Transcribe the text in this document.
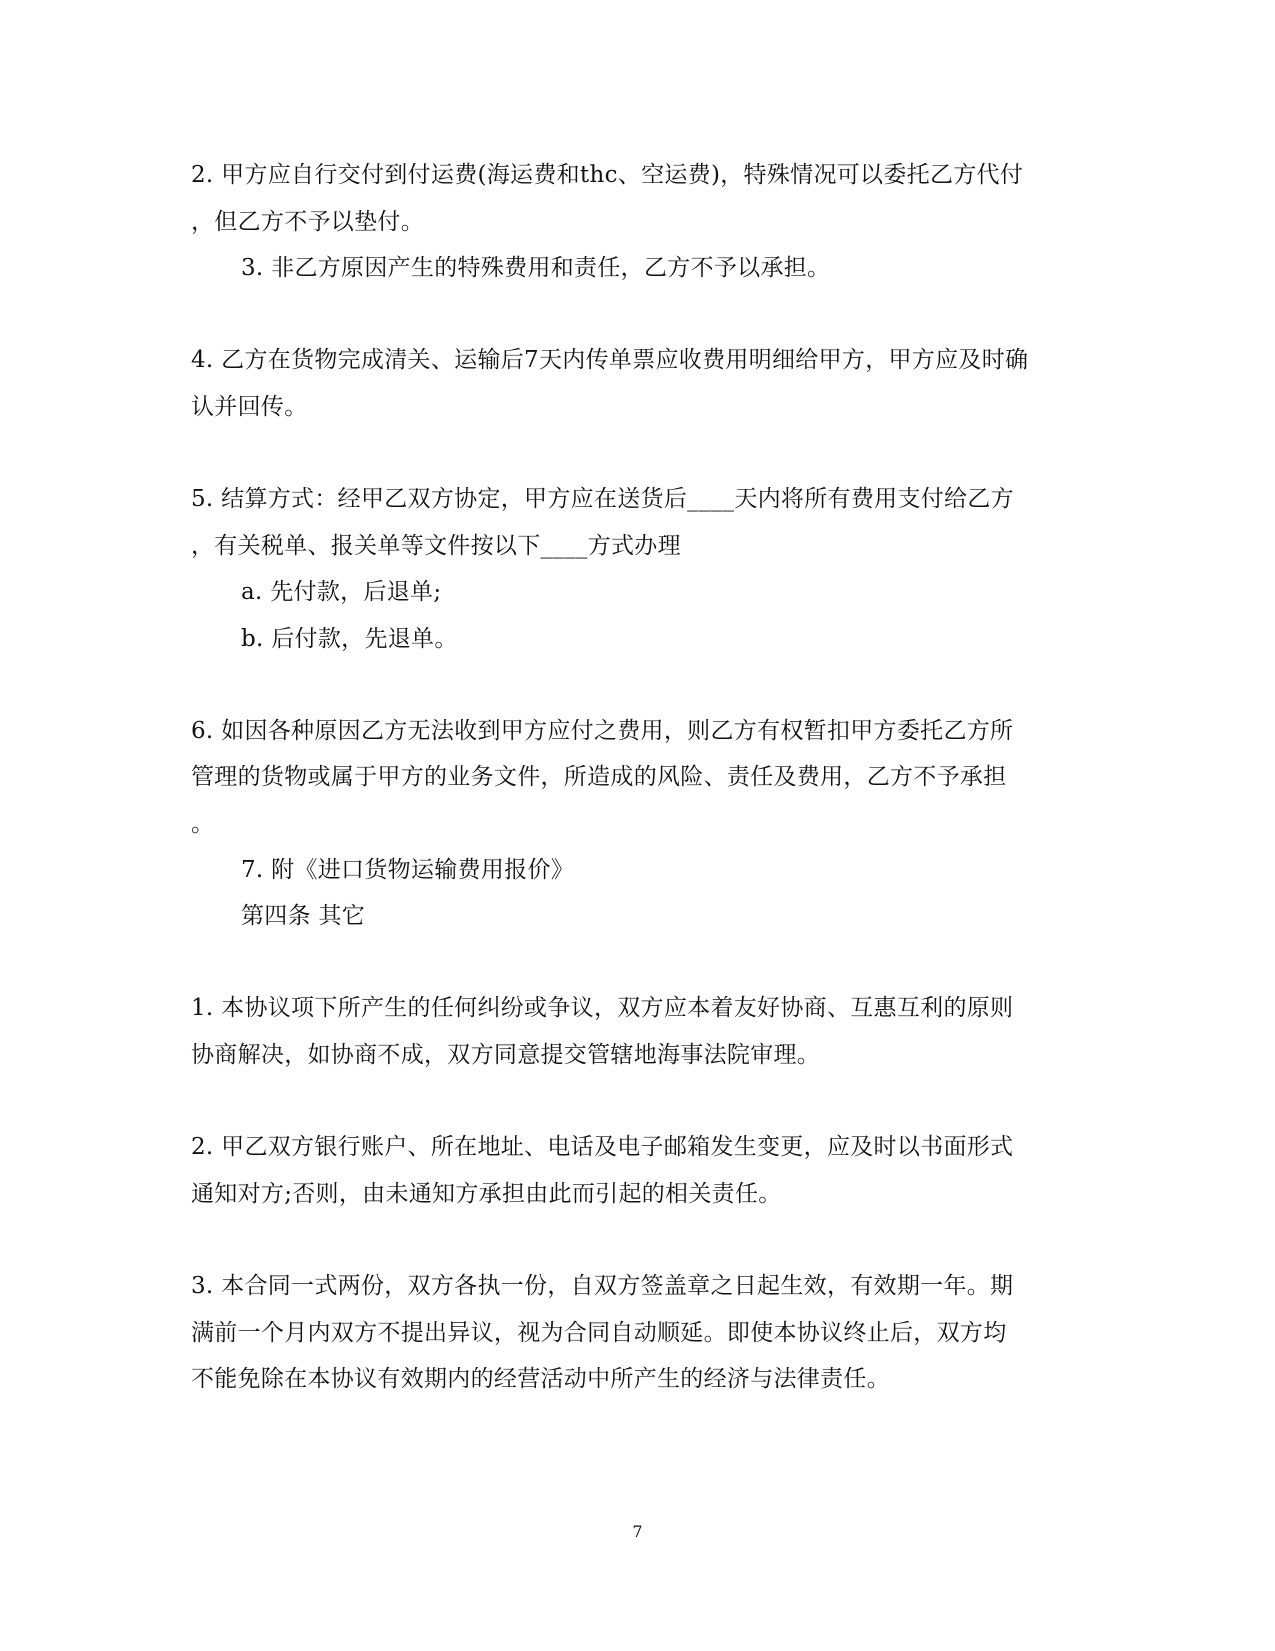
2. 甲方应自行交付到付运费(海运费和thc、空运费)，特殊情况可以委托乙方代付
，但乙方不予以垫付。
3. 非乙方原因产生的特殊费用和责任，乙方不予以承担。
4. 乙方在货物完成清关、运输后7天内传单票应收费用明细给甲方，甲方应及时确
认并回传。
5. 结算方式：经甲乙双方协定，甲方应在送货后____天内将所有费用支付给乙方
，有关税单、报关单等文件按以下____方式办理
a. 先付款，后退单;
b. 后付款，先退单。
6. 如因各种原因乙方无法收到甲方应付之费用，则乙方有权暂扣甲方委托乙方所
管理的货物或属于甲方的业务文件，所造成的风险、责任及费用，乙方不予承担
。
7. 附《进口货物运输费用报价》
第四条 其它
1. 本协议项下所产生的任何纠纷或争议，双方应本着友好协商、互惠互利的原则
协商解决，如协商不成，双方同意提交管辖地海事法院审理。
2. 甲乙双方银行账户、所在地址、电话及电子邮箱发生变更，应及时以书面形式
通知对方;否则，由未通知方承担由此而引起的相关责任。
3. 本合同一式两份，双方各执一份，自双方签盖章之日起生效，有效期一年。期
满前一个月内双方不提出异议，视为合同自动顺延。即使本协议终止后，双方均
不能免除在本协议有效期内的经营活动中所产生的经济与法律责任。
7
